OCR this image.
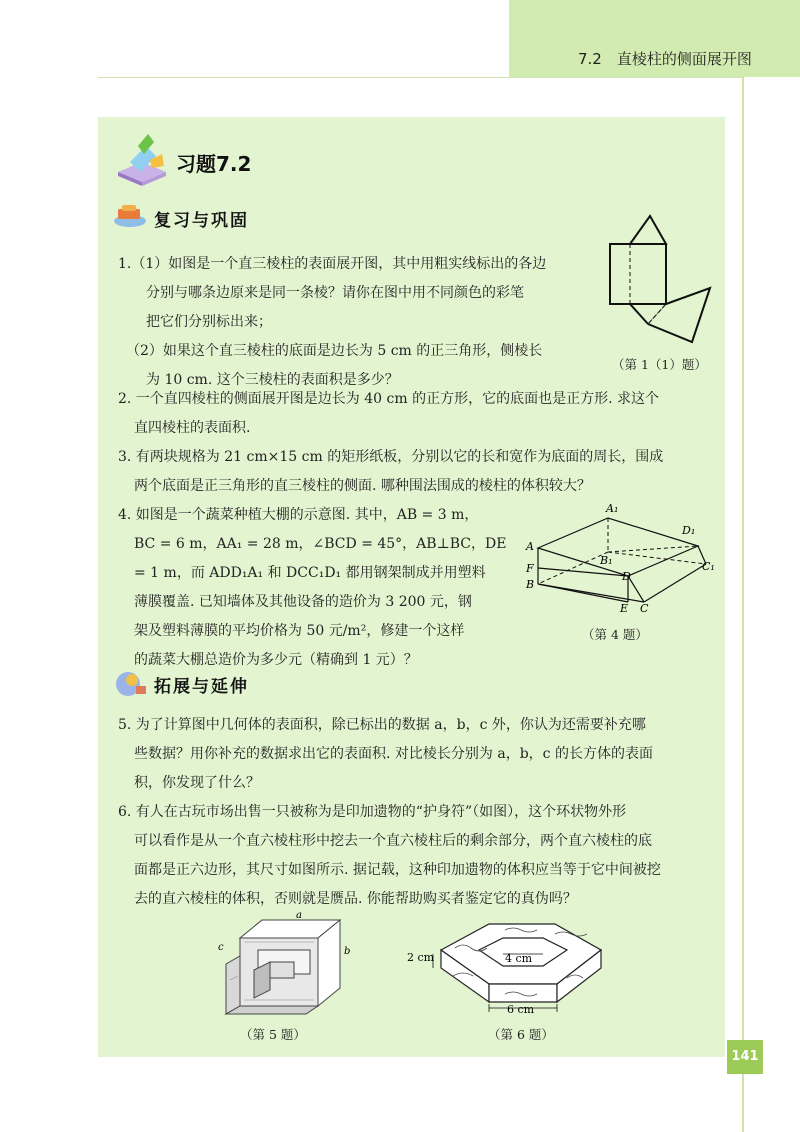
7.2　直棱柱的侧面展开图
习题7.2
复习与巩固
1.（1）如图是一个直三棱柱的表面展开图，其中用粗实线标出的各边
分别与哪条边原来是同一条棱？请你在图中用不同颜色的彩笔
把它们分别标出来；
（2）如果这个直三棱柱的底面是边长为 5 cm 的正三角形，侧棱长
为 10 cm. 这个三棱柱的表面积是多少？
（第 1（1）题）
2. 一个直四棱柱的侧面展开图是边长为 40 cm 的正方形，它的底面也是正方形. 求这个
直四棱柱的表面积.
3. 有两块规格为 21 cm×15 cm 的矩形纸板，分别以它的长和宽作为底面的周长，围成
两个底面是正三角形的直三棱柱的侧面. 哪种围法围成的棱柱的体积较大？
4. 如图是一个蔬菜种植大棚的示意图. 其中，AB = 3 m，
BC = 6 m，AA₁ = 28 m，∠BCD = 45°，AB⊥BC，DE
= 1 m，而 ADD₁A₁ 和 DCC₁D₁ 都用钢架制成并用塑料
薄膜覆盖. 已知墙体及其他设备的造价为 3 200 元，钢
架及塑料薄膜的平均价格为 50 元/m²，修建一个这样
的蔬菜大棚总造价为多少元（精确到 1 元）？
A₁
D₁
A
B₁	C₁
F
D
B
E C
（第 4 题）
拓展与延伸
5. 为了计算图中几何体的表面积，除已标出的数据 a，b，c 外，你认为还需要补充哪
些数据？用你补充的数据求出它的表面积. 对比棱长分别为 a，b，c 的长方体的表面
积，你发现了什么？
6. 有人在古玩市场出售一只被称为是印加遗物的“护身符”（如图），这个环状物外形
可以看作是从一个直六棱柱形中挖去一个直六棱柱后的剩余部分，两个直六棱柱的底
面都是正六边形，其尺寸如图所示. 据记载，这种印加遗物的体积应当等于它中间被挖
去的直六棱柱的体积，否则就是赝品. 你能帮助购买者鉴定它的真伪吗？
a
b
c
（第 5 题）
2 cm	4 cm
6 cm
（第 6 题）
141
